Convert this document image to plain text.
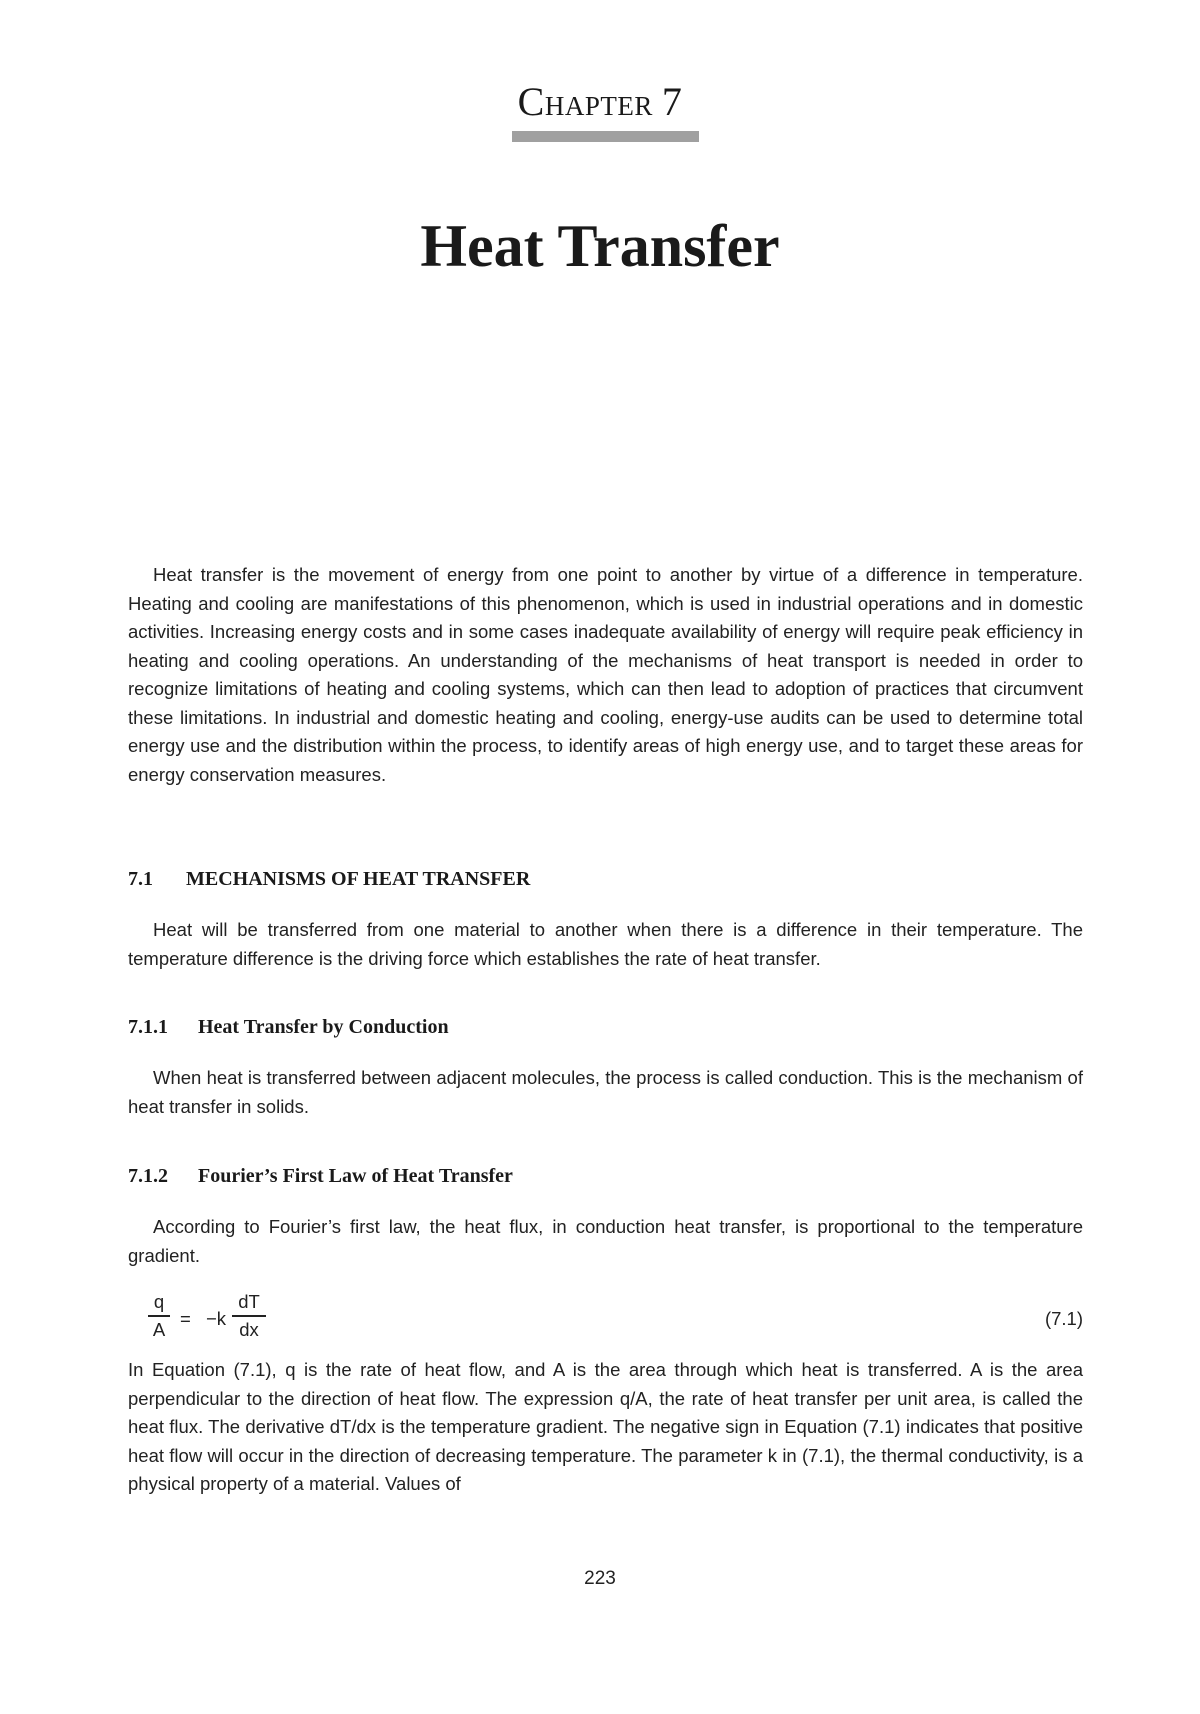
CHAPTER 7
Heat Transfer

Heat transfer is the movement of energy from one point to another by virtue of a difference in temperature. Heating and cooling are manifestations of this phenomenon, which is used in industrial operations and in domestic activities. Increasing energy costs and in some cases inadequate availability of energy will require peak efficiency in heating and cooling operations. An understanding of the mechanisms of heat transport is needed in order to recognize limitations of heating and cooling systems, which can then lead to adoption of practices that circumvent these limitations. In industrial and domestic heating and cooling, energy-use audits can be used to determine total energy use and the distribution within the process, to identify areas of high energy use, and to target these areas for energy conservation measures.

7.1 MECHANISMS OF HEAT TRANSFER

Heat will be transferred from one material to another when there is a difference in their temperature. The temperature difference is the driving force which establishes the rate of heat transfer.

7.1.1 Heat Transfer by Conduction

When heat is transferred between adjacent molecules, the process is called conduction. This is the mechanism of heat transfer in solids.

7.1.2 Fourier’s First Law of Heat Transfer

According to Fourier’s first law, the heat flux, in conduction heat transfer, is proportional to the temperature gradient.

q
A = −k
dT
dx	(7.1)

In Equation (7.1), q is the rate of heat flow, and A is the area through which heat is transferred. A is the area perpendicular to the direction of heat flow. The expression q/A, the rate of heat transfer per unit area, is called the heat flux. The derivative dT/dx is the temperature gradient. The negative sign in Equation (7.1) indicates that positive heat flow will occur in the direction of decreasing temperature. The parameter k in (7.1), the thermal conductivity, is a physical property of a material. Values of

223
